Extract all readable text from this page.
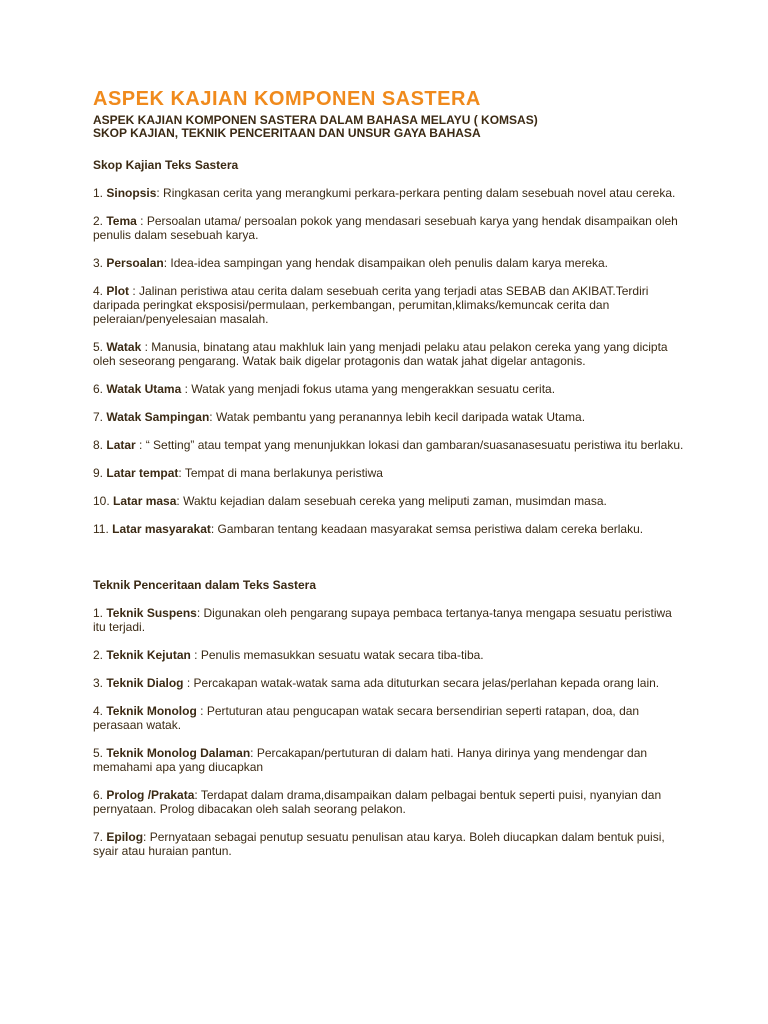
ASPEK KAJIAN KOMPONEN SASTERA

ASPEK KAJIAN KOMPONEN SASTERA DALAM BAHASA MELAYU ( KOMSAS)

SKOP KAJIAN, TEKNIK PENCERITAAN DAN UNSUR GAYA BAHASA

Skop Kajian Teks Sastera

1. Sinopsis: Ringkasan cerita yang merangkumi perkara-perkara penting dalam sesebuah novel atau cereka.

2. Tema : Persoalan utama/ persoalan pokok yang mendasari sesebuah karya yang hendak disampaikan oleh penulis dalam sesebuah karya.

3. Persoalan: Idea-idea sampingan yang hendak disampaikan oleh penulis dalam karya mereka.

4. Plot : Jalinan peristiwa atau cerita dalam sesebuah cerita yang terjadi atas SEBAB dan AKIBAT.Terdiri daripada peringkat eksposisi/permulaan, perkembangan, perumitan,klimaks/kemuncak cerita dan peleraian/penyelesaian masalah.

5. Watak : Manusia, binatang atau makhluk lain yang menjadi pelaku atau pelakon cereka yang yang dicipta oleh seseorang pengarang. Watak baik digelar protagonis dan watak jahat digelar antagonis.

6. Watak Utama : Watak yang menjadi fokus utama yang mengerakkan sesuatu cerita.

7. Watak Sampingan: Watak pembantu yang peranannya lebih kecil daripada watak Utama.

8. Latar : “ Setting” atau tempat yang menunjukkan lokasi dan gambaran/suasanasesuatu peristiwa itu berlaku.

9. Latar tempat: Tempat di mana berlakunya peristiwa

10. Latar masa: Waktu kejadian dalam sesebuah cereka yang meliputi zaman, musimdan masa.

11. Latar masyarakat: Gambaran tentang keadaan masyarakat semsa peristiwa dalam cereka berlaku.

Teknik Penceritaan dalam Teks Sastera

1. Teknik Suspens: Digunakan oleh pengarang supaya pembaca tertanya-tanya mengapa sesuatu peristiwa itu terjadi.

2. Teknik Kejutan : Penulis memasukkan sesuatu watak secara tiba-tiba.

3. Teknik Dialog : Percakapan watak-watak sama ada dituturkan secara jelas/perlahan kepada orang lain.

4. Teknik Monolog : Pertuturan atau pengucapan watak secara bersendirian seperti ratapan, doa, dan perasaan watak.

5. Teknik Monolog Dalaman: Percakapan/pertuturan di dalam hati. Hanya dirinya yang mendengar dan memahami apa yang diucapkan

6. Prolog /Prakata: Terdapat dalam drama,disampaikan dalam pelbagai bentuk seperti puisi, nyanyian dan pernyataan. Prolog dibacakan oleh salah seorang pelakon.

7. Epilog: Pernyataan sebagai penutup sesuatu penulisan atau karya. Boleh diucapkan dalam bentuk puisi, syair atau huraian pantun.
